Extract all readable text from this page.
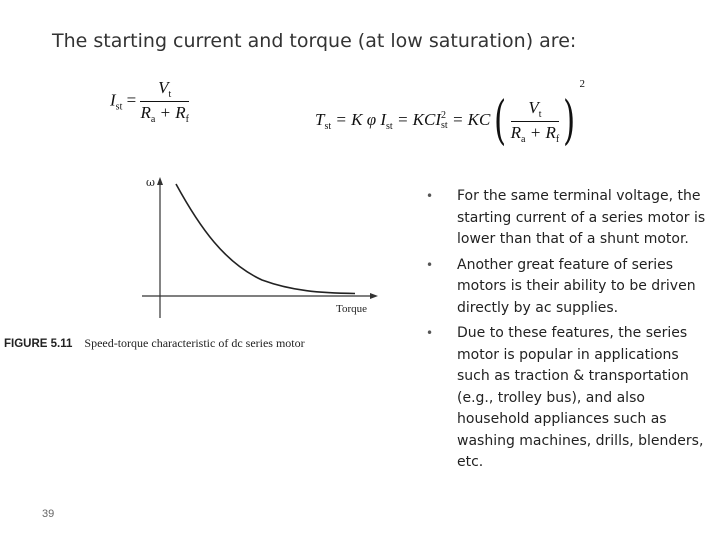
The starting current and torque (at low saturation) are:
$I_{st} = \frac{V_t}{R_a + R_f}$	$T_{st} = K$ φ $I_{st}$ = KCI 2
st = $KC( \frac{V_t}{R_a + R_f} )^2$
ω
Torque
FIGURE 5.11 Speed-torque characteristic of dc series motor
• For the same terminal voltage, the starting current of a series motor is lower than that of a shunt motor.
• Another great feature of series motors is their ability to be driven directly by ac supplies.
• Due to these features, the series motor is popular in applications such as traction & transportation (e.g., trolley bus), and also household appliances such as washing machines, drills, blenders, etc.
39
